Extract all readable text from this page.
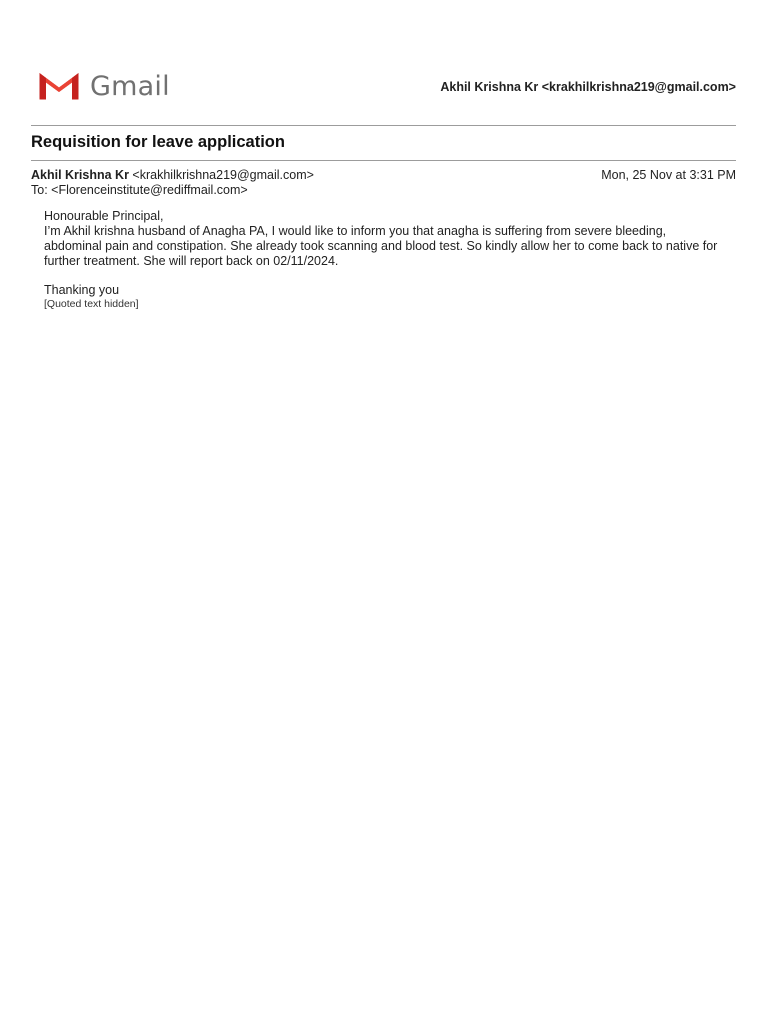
Gmail	Akhil Krishna Kr <krakhilkrishna219@gmail.com>
Requisition for leave application
Akhil Krishna Kr <krakhilkrishna219@gmail.com>	Mon, 25 Nov at 3:31 PM
To: <Florenceinstitute@rediffmail.com>

Honourable Principal,

I’m Akhil krishna husband of Anagha PA, I would like to inform you that anagha is suffering from severe bleeding, abdominal pain and constipation. She already took scanning and blood test. So kindly allow her to come back to native for further treatment. She will report back on 02/11/2024.

Thanking you

[Quoted text hidden]
